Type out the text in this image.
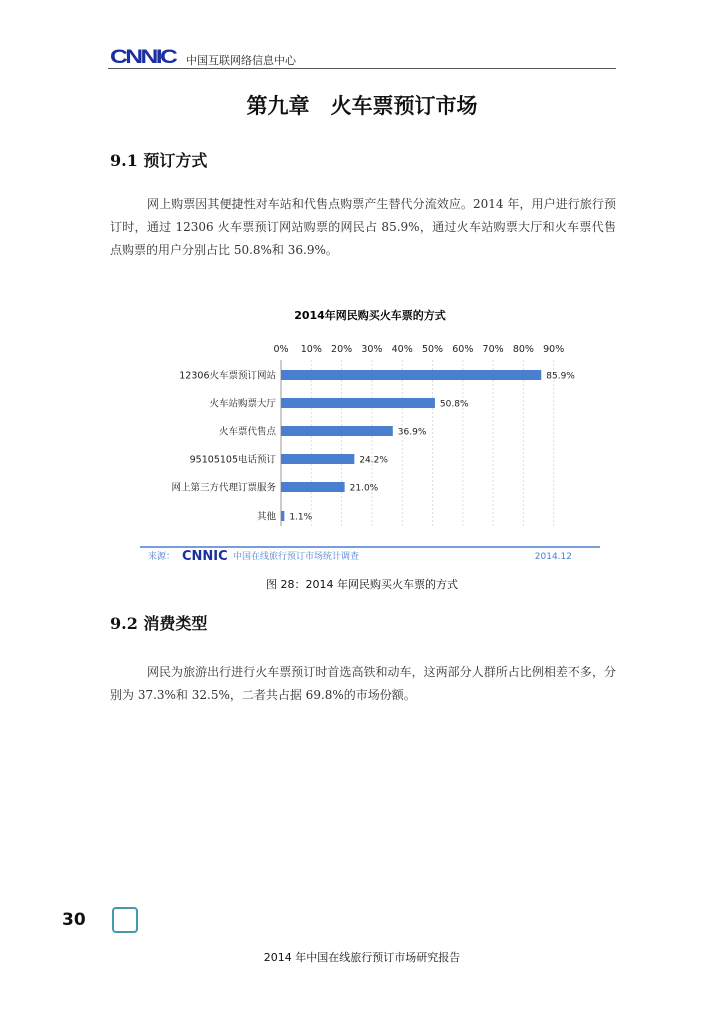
CNNIC 中国互联网络信息中心
第九章　火车票预订市场
9.1 预订方式
网上购票因其便捷性对车站和代售点购票产生替代分流效应。2014 年，用户进行旅行预订时，通过 12306 火车票预订网站购票的网民占 85.9%，通过火车站购票大厅和火车票代售点购票的用户分别占比 50.8%和 36.9%。
2014年网民购买火车票的方式
0% 10% 20% 30% 40% 50% 60% 70% 80% 90%
12306火车票预订网站	85.9%
火车站购票大厅	50.8%
火车票代售点	36.9%
95105105电话预订	24.2%
网上第三方代理订票服务	21.0%
其他 1.1%
来源： CNNIC 中国在线旅行预订市场统计调查	2014.12
图 28：2014 年网民购买火车票的方式
9.2 消费类型
网民为旅游出行进行火车票预订时首选高铁和动车，这两部分人群所占比例相差不多，分别为 37.3%和 32.5%，二者共占据 69.8%的市场份额。
30
2014 年中国在线旅行预订市场研究报告
